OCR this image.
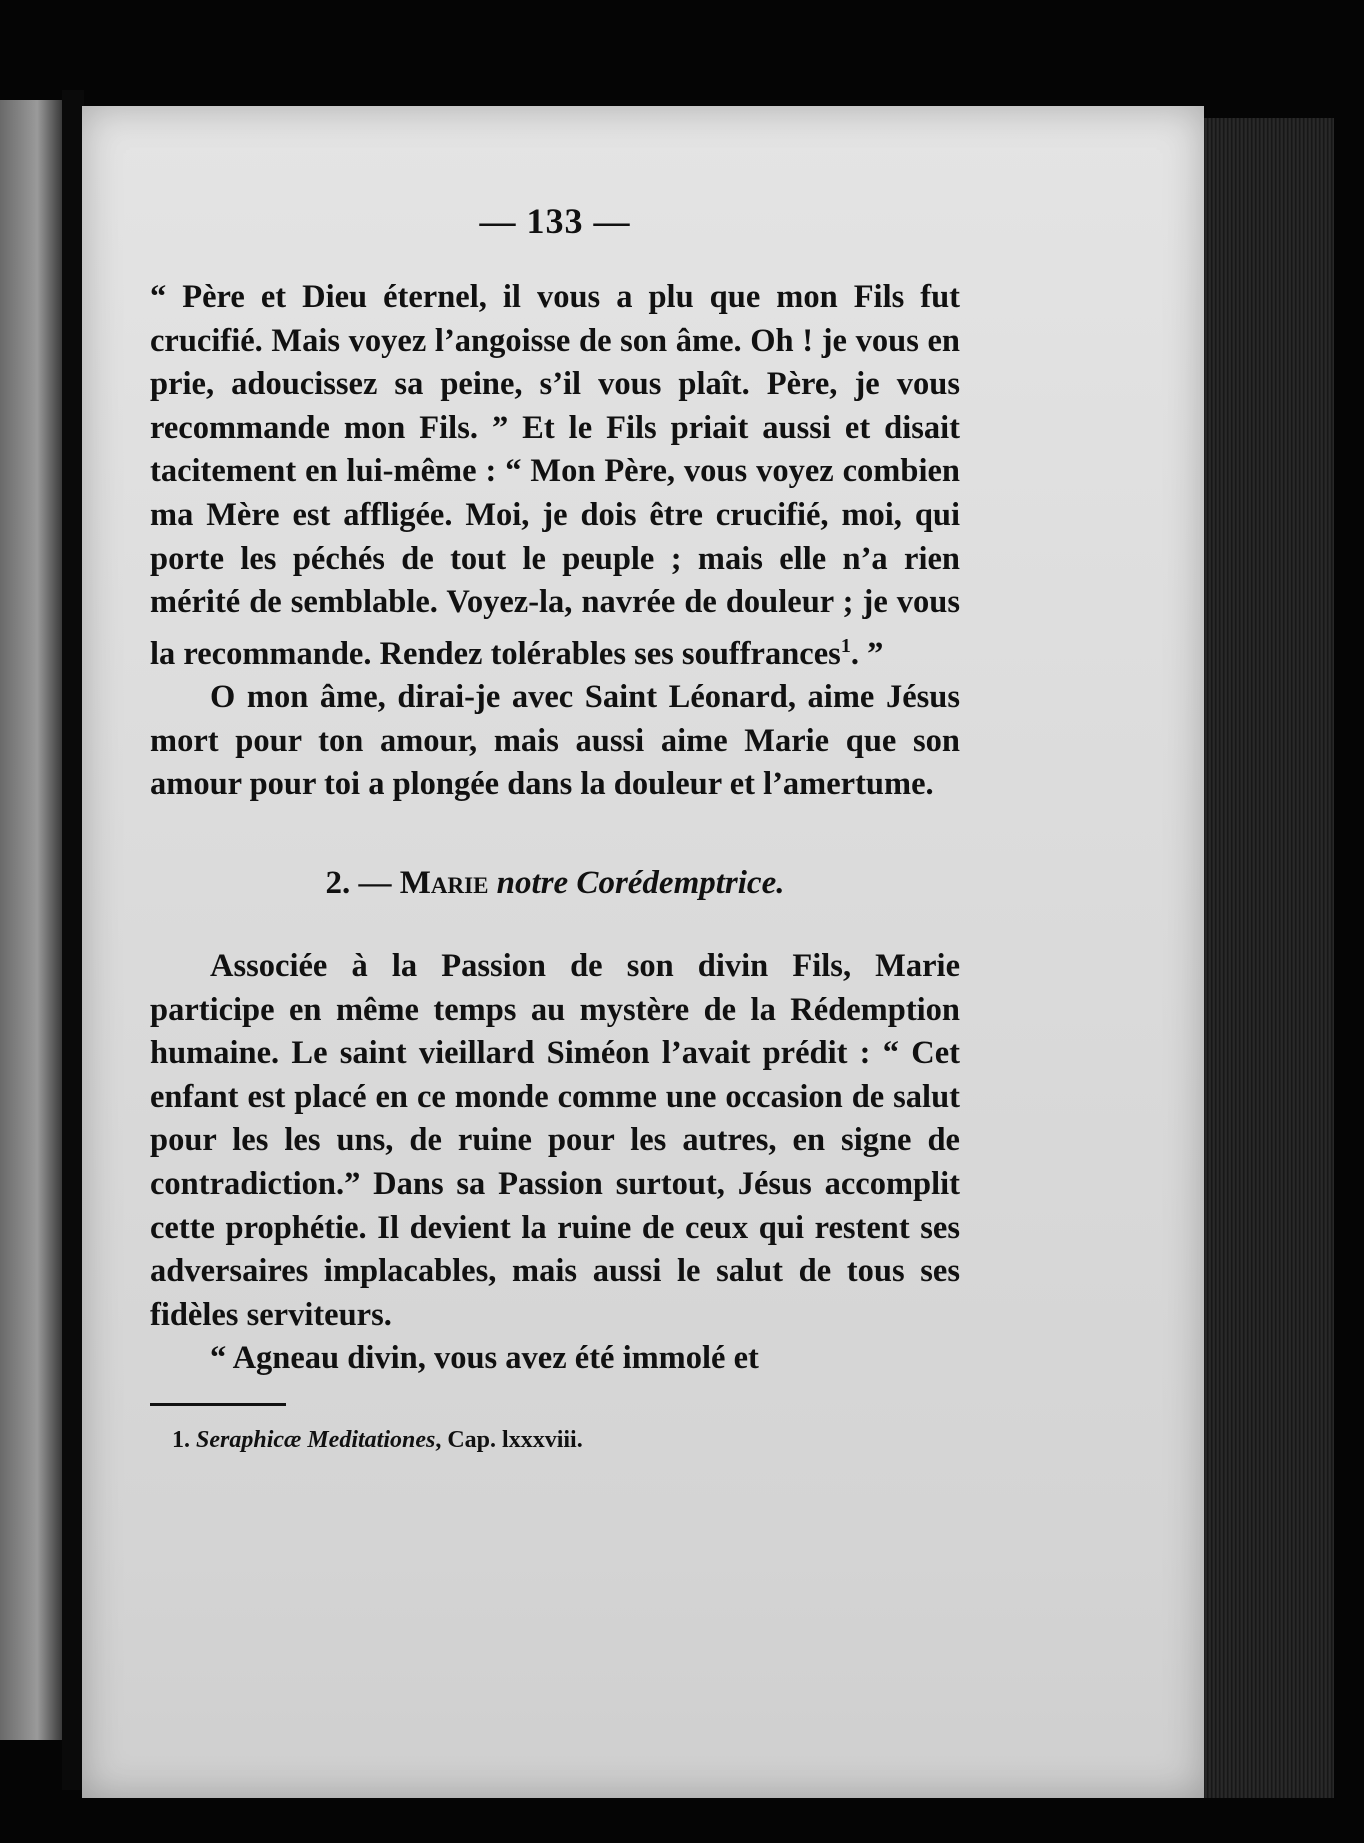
— 133 —

“ Père et Dieu éternel, il vous a plu que mon Fils fut crucifié. Mais voyez l’angoisse de son âme. Oh ! je vous en prie, adoucissez sa peine, s’il vous plaît. Père, je vous recommande mon Fils. ” Et le Fils priait aussi et disait tacitement en lui-même : “ Mon Père, vous voyez combien ma Mère est affligée. Moi, je dois être crucifié, moi, qui porte les péchés de tout le peuple ; mais elle n’a rien mérité de semblable. Voyez-la, navrée de douleur ; je vous la recommande. Rendez tolérables ses souffrances$^1$. ”

O mon âme, dirai-je avec Saint Léonard, aime Jésus mort pour ton amour, mais aussi aime Marie que son amour pour toi a plongée dans la douleur et l’amertume.

2. — Marie notre Corédemptrice.

Associée à la Passion de son divin Fils, Marie participe en même temps au mystère de la Rédemption humaine. Le saint vieillard Siméon l’avait prédit : “ Cet enfant est placé en ce monde comme une occasion de salut pour les les uns, de ruine pour les autres, en signe de contradiction.” Dans sa Passion surtout, Jésus accomplit cette prophétie. Il devient la ruine de ceux qui restent ses adversaires implacables, mais aussi le salut de tous ses fidèles serviteurs.

“ Agneau divin, vous avez été immolé et

1. Seraphicæ Meditationes, Cap. lxxxviii.
